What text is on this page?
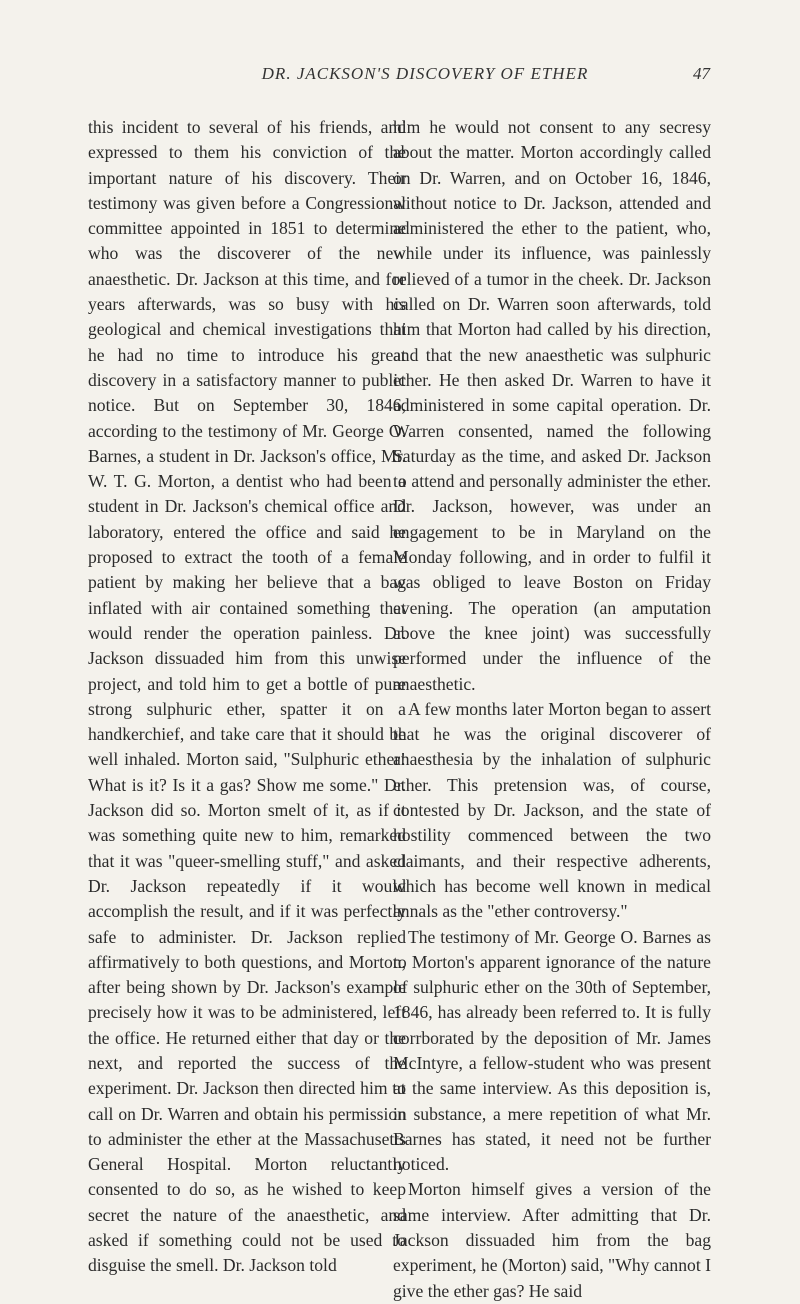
DR. JACKSON'S DISCOVERY OF ETHER	47

this incident to several of his friends, and expressed to them his conviction of the important nature of his discovery. Their testimony was given before a Congressional committee appointed in 1851 to determine who was the discoverer of the new anaesthetic. Dr. Jackson at this time, and for years afterwards, was so busy with his geological and chemical investigations that he had no time to introduce his great discovery in a satisfactory manner to public notice. But on September 30, 1846, according to the testimony of Mr. George O. Barnes, a student in Dr. Jackson's office, Mr. W. T. G. Morton, a dentist who had been a student in Dr. Jackson's chemical office and laboratory, entered the office and said he proposed to extract the tooth of a female patient by making her believe that a bag inflated with air contained something that would render the operation painless. Dr. Jackson dissuaded him from this unwise project, and told him to get a bottle of pure strong sulphuric ether, spatter it on a handkerchief, and take care that it should be well inhaled. Morton said, "Sulphuric ether! What is it? Is it a gas? Show me some." Dr. Jackson did so. Morton smelt of it, as if it was something quite new to him, remarked that it was "queer-smelling stuff," and asked Dr. Jackson repeatedly if it would accomplish the result, and if it was perfectly safe to administer. Dr. Jackson replied affirmatively to both questions, and Morton, after being shown by Dr. Jackson's example precisely how it was to be administered, left the office. He returned either that day or the next, and reported the success of the experiment. Dr. Jackson then directed him to call on Dr. Warren and obtain his permission to administer the ether at the Massachusetts General Hospital. Morton reluctantly consented to do so, as he wished to keep secret the nature of the anaesthetic, and asked if something could not be used to disguise the smell. Dr. Jackson told

him he would not consent to any secresy about the matter. Morton accordingly called on Dr. Warren, and on October 16, 1846, without notice to Dr. Jackson, attended and administered the ether to the patient, who, while under its influence, was painlessly relieved of a tumor in the cheek. Dr. Jackson called on Dr. Warren soon afterwards, told him that Morton had called by his direction, and that the new anaesthetic was sulphuric ether. He then asked Dr. Warren to have it administered in some capital operation. Dr. Warren consented, named the following Saturday as the time, and asked Dr. Jackson to attend and personally administer the ether. Dr. Jackson, however, was under an engagement to be in Maryland on the Monday following, and in order to fulfil it was obliged to leave Boston on Friday evening. The operation (an amputation above the knee joint) was successfully performed under the influence of the anaesthetic.

A few months later Morton began to assert that he was the original discoverer of anaesthesia by the inhalation of sulphuric ether. This pretension was, of course, contested by Dr. Jackson, and the state of hostility commenced between the two claimants, and their respective adherents, which has become well known in medical annals as the "ether controversy."

The testimony of Mr. George O. Barnes as to Morton's apparent ignorance of the nature of sulphuric ether on the 30th of September, 1846, has already been referred to. It is fully corrborated by the deposition of Mr. James McIntyre, a fellow-student who was present at the same interview. As this deposition is, in substance, a mere repetition of what Mr. Barnes has stated, it need not be further noticed.

Morton himself gives a version of the same interview. After admitting that Dr. Jackson dissuaded him from the bag experiment, he (Morton) said, "Why cannot I give the ether gas? He said
